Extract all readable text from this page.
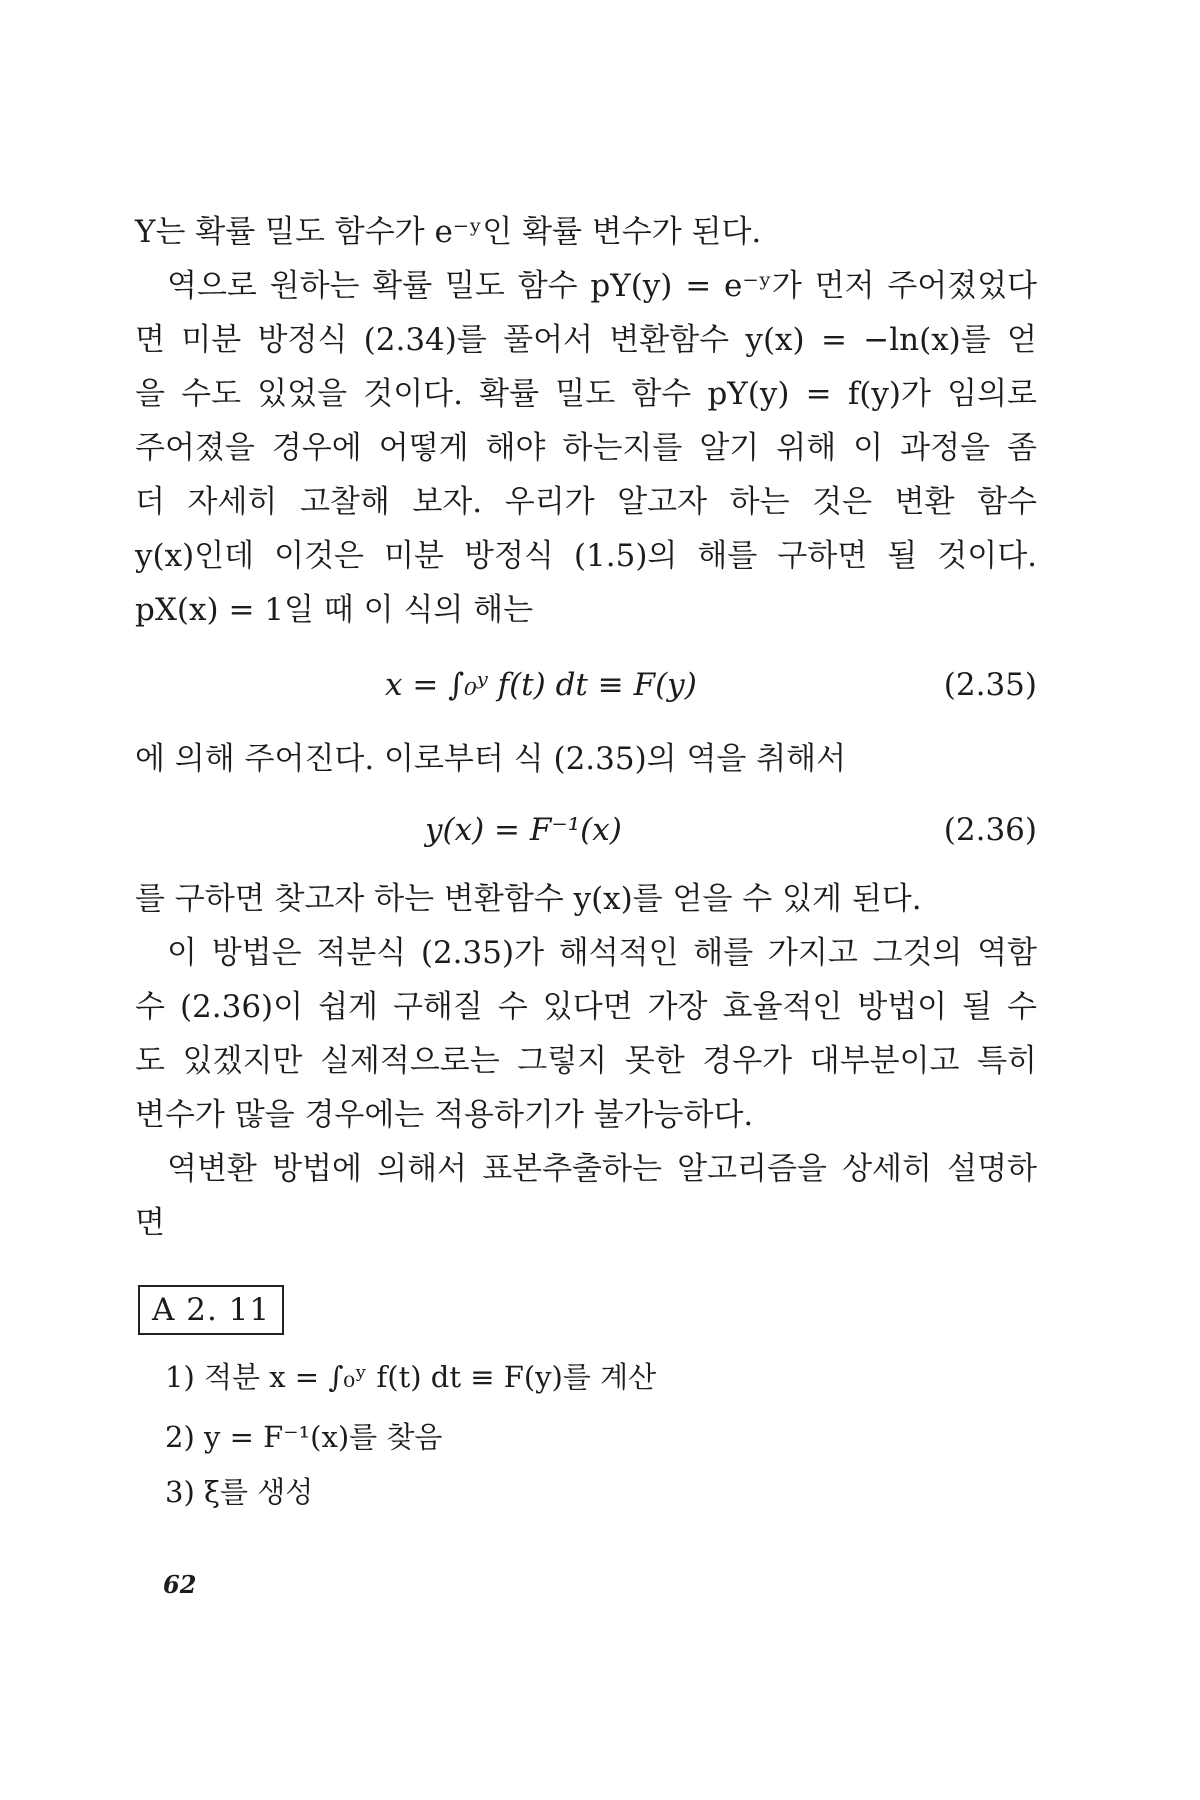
Y는 확률 밀도 함수가 e⁻ʸ인 확률 변수가 된다.
역으로 원하는 확률 밀도 함수 pY(y) = e⁻ʸ가 먼저 주어졌었다
면 미분 방정식 (2.34)를 풀어서 변환함수 y(x) = −ln(x)를 얻
을 수도 있었을 것이다. 확률 밀도 함수 pY(y) = f(y)가 임의로
주어졌을 경우에 어떻게 해야 하는지를 알기 위해 이 과정을 좀
더 자세히 고찰해 보자. 우리가 알고자 하는 것은 변환 함수
y(x)인데 이것은 미분 방정식 (1.5)의 해를 구하면 될 것이다.
pX(x) = 1일 때 이 식의 해는
x = ∫₀ʸ f(t) dt ≡ F(y)	(2.35)
에 의해 주어진다. 이로부터 식 (2.35)의 역을 취해서
y(x) = F⁻¹(x)	(2.36)
를 구하면 찾고자 하는 변환함수 y(x)를 얻을 수 있게 된다.
이 방법은 적분식 (2.35)가 해석적인 해를 가지고 그것의 역함
수 (2.36)이 쉽게 구해질 수 있다면 가장 효율적인 방법이 될 수
도 있겠지만 실제적으로는 그렇지 못한 경우가 대부분이고 특히
변수가 많을 경우에는 적용하기가 불가능하다.
역변환 방법에 의해서 표본추출하는 알고리즘을 상세히 설명하
면
A 2. 11
1) 적분 x = ∫₀ʸ f(t) dt ≡ F(y)를 계산
2) y = F⁻¹(x)를 찾음
3) ξ를 생성
62
